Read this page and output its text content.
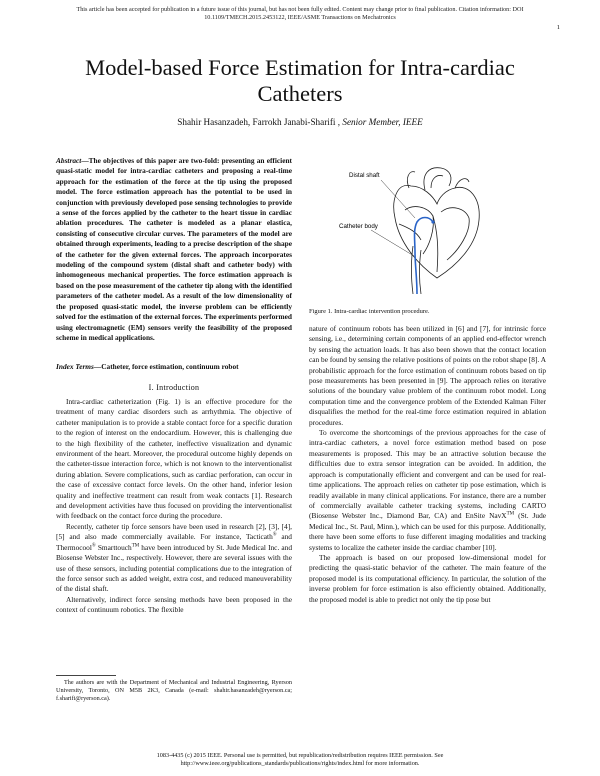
This article has been accepted for publication in a future issue of this journal, but has not been fully edited. Content may change prior to final publication. Citation information: DOI
10.1109/TMECH.2015.2453122, IEEE/ASME Transactions on Mechatronics
1
Model-based Force Estimation for Intra-cardiac
Catheters
Shahir Hasanzadeh, Farrokh Janabi-Sharifi , Senior Member, IEEE
Abstract—The objectives of this paper are two-fold: presenting an efficient quasi-static model for intra-cardiac catheters and proposing a real-time approach for the estimation of the force at the tip using the proposed model. The force estimation approach has the potential to be used in conjunction with previously developed pose sensing technologies to provide a sense of the forces applied by the catheter to the heart tissue in cardiac ablation procedures. The catheter is modeled as a planar elastica, consisting of consecutive circular curves. The parameters of the model are obtained through experiments, leading to a precise description of the shape of the catheter for the given external forces. The approach incorporates modeling of the compound system (distal shaft and catheter body) with inhomogeneous mechanical properties. The force estimation approach is based on the pose measurement of the catheter tip along with the identified parameters of the catheter model. As a result of the low dimensionality of the proposed quasi-static model, the inverse problem can be efficiently solved for the estimation of the external forces. The experiments performed using electromagnetic (EM) sensors verify the feasibility of the proposed scheme in medical applications.
Index Terms—Catheter, force estimation, continuum robot
I. Introduction

Intra-cardiac catheterization (Fig. 1) is an effective procedure for the treatment of many cardiac disorders such as arrhythmia. The objective of catheter manipulation is to provide a stable contact force for a specific duration to the region of interest on the endocardium. However, this is challenging due to the high flexibility of the catheter, ineffective visualization and dynamic environment of the heart. Moreover, the procedural outcome highly depends on the catheter-tissue interaction force, which is not known to the interventionalist during ablation. Severe complications, such as cardiac perforation, can occur in the case of excessive contact force levels. On the other hand, inferior lesion quality and ineffective treatment can result from weak contacts [1]. Research and development activities have thus focused on providing the interventionalist with feedback on the contact force during the procedure.

Recently, catheter tip force sensors have been used in research [2], [3], [4], [5] and also made commercially available. For instance, Tacticath® and Thermocool® Smarttouch™ have been introduced by St. Jude Medical Inc. and Biosense Webster Inc., respectively. However, there are several issues with the use of these sensors, including potential complications due to the integration of the force sensor such as added weight, extra cost, and reduced maneuverability of the distal shaft.

Alternatively, indirect force sensing methods have been proposed in the context of continuum robotics. The flexible

The authors are with the Department of Mechanical and Industrial Engineering, Ryerson University, Toronto, ON M5B 2K3, Canada (e-mail: shahir.hasanzadeh@ryerson.ca; f.sharifi@ryerson.ca).

Distal shaft
Catheter body
Figure 1. Intra-cardiac intervention procedure.

nature of continuum robots has been utilized in [6] and [7], for intrinsic force sensing, i.e., determining certain components of an applied end-effector wrench by sensing the actuation loads. It has also been shown that the contact location can be found by sensing the relative positions of points on the robot shape [8]. A probabilistic approach for the force estimation of continuum robots based on tip pose measurements has been presented in [9]. The approach relies on iterative solutions of the boundary value problem of the continuum robot model. Long computation time and the convergence problem of the Extended Kalman Filter disqualifies the method for the real-time force estimation required in ablation procedures.

To overcome the shortcomings of the previous approaches for the case of intra-cardiac catheters, a novel force estimation method based on pose measurements is proposed. This may be an attractive solution because the difficulties due to extra sensor integration can be avoided. In addition, the approach is computationally efficient and convergent and can be used for real-time applications. The approach relies on catheter tip pose estimation, which is readily available in many clinical applications. For instance, there are a number of commercially available catheter tracking systems, including CARTO (Biosense Webster Inc., Diamond Bar, CA) and EnSite NavX™ (St. Jude Medical Inc., St. Paul, Minn.), which can be used for this purpose. Additionally, there have been some efforts to fuse different imaging modalities and tracking systems to localize the catheter inside the cardiac chamber [10].

The approach is based on our proposed low-dimensional model for predicting the quasi-static behavior of the catheter. The main feature of the proposed model is its computational efficiency. In particular, the solution of the inverse problem for force estimation is also efficiently obtained. Additionally, the proposed model is able to predict not only the tip pose but

1083-4435 (c) 2015 IEEE. Personal use is permitted, but republication/redistribution requires IEEE permission. See
http://www.ieee.org/publications_standards/publications/rights/index.html for more information.
